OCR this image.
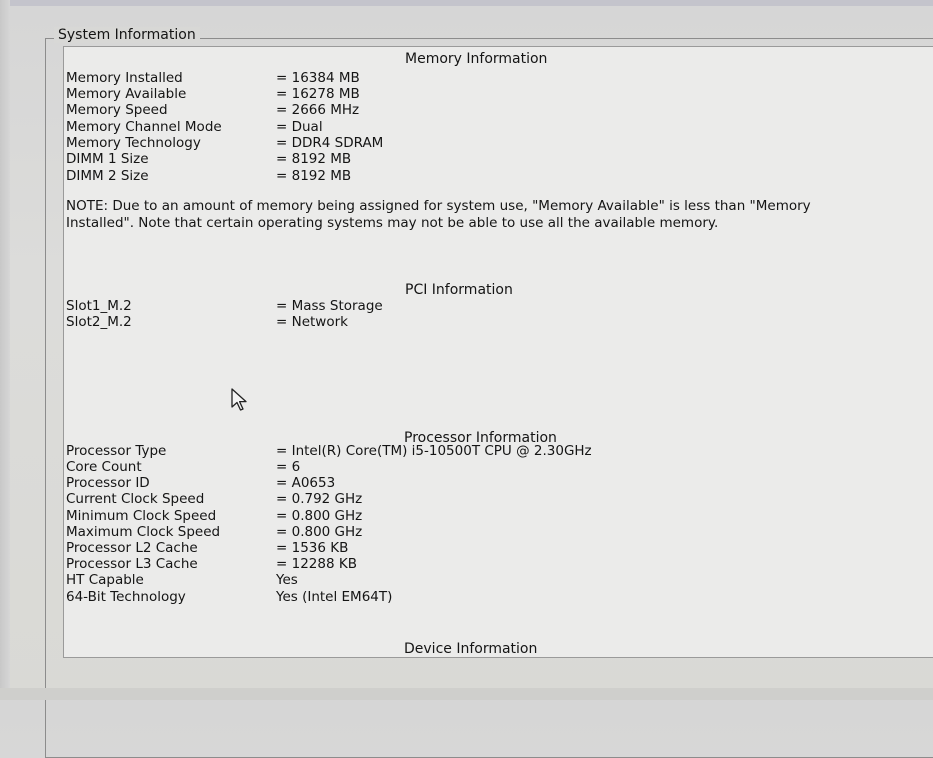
System Information
Memory Information
Memory Installed	= 16384 MB
Memory Available	= 16278 MB
Memory Speed	= 2666 MHz
Memory Channel Mode	= Dual
Memory Technology	= DDR4 SDRAM
DIMM 1 Size	= 8192 MB
DIMM 2 Size	= 8192 MB
NOTE: Due to an amount of memory being assigned for system use, "Memory Available" is less than "Memory Installed". Note that certain operating systems may not be able to use all the available memory.
PCI Information
Slot1_M.2	= Mass Storage
Slot2_M.2	= Network
Processor Information
Processor Type	= Intel(R) Core(TM) i5-10500T CPU @ 2.30GHz
Core Count	= 6
Processor ID	= A0653
Current Clock Speed	= 0.792 GHz
Minimum Clock Speed	= 0.800 GHz
Maximum Clock Speed	= 0.800 GHz
Processor L2 Cache	= 1536 KB
Processor L3 Cache	= 12288 KB
HT Capable	Yes
64-Bit Technology	Yes (Intel EM64T)
Device Information
